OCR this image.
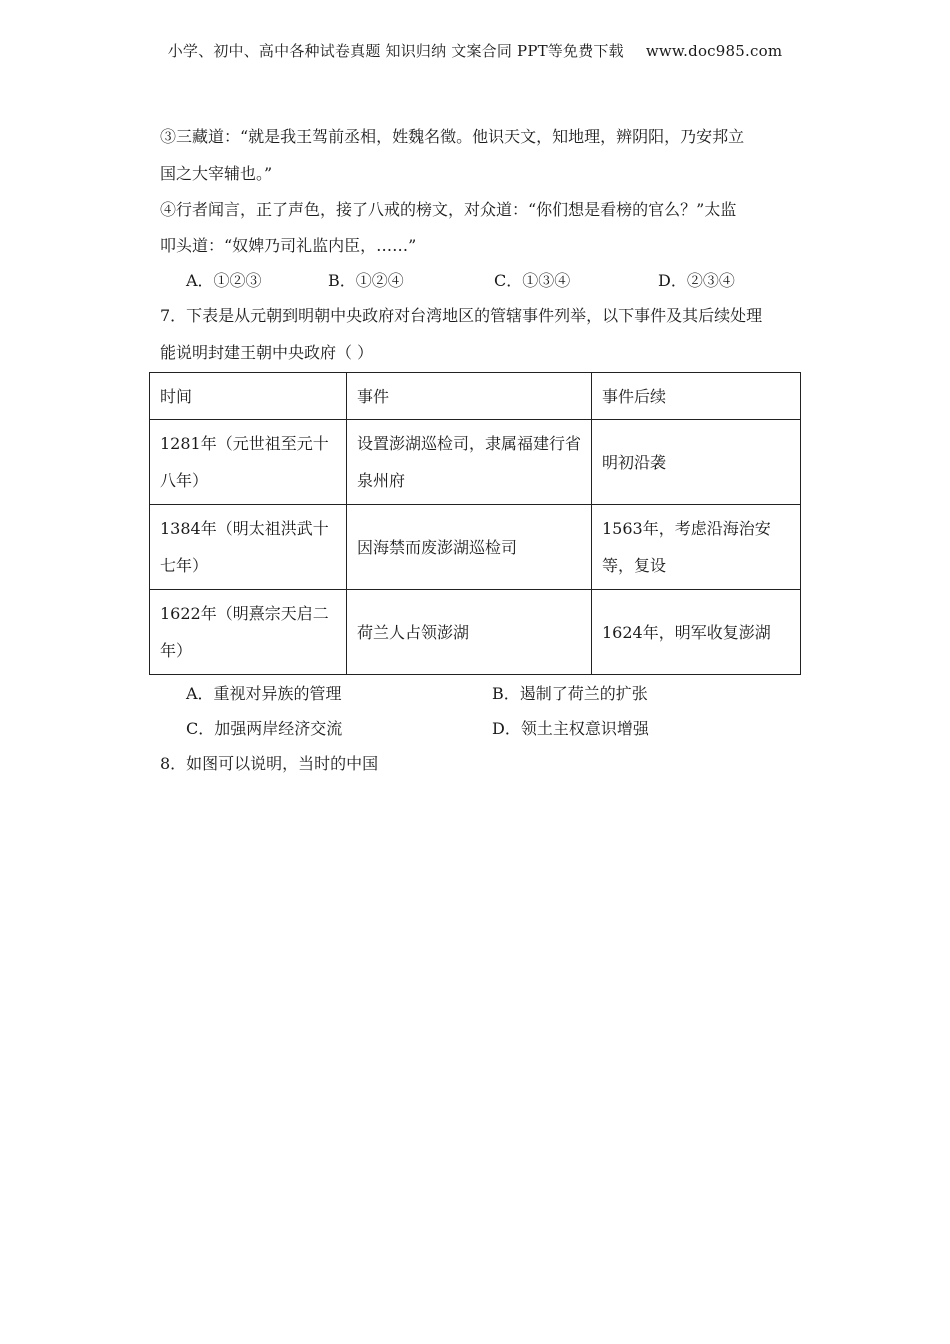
小学、初中、高中各种试卷真题 知识归纳 文案合同 PPT等免费下载 www.doc985.com
③三藏道：“就是我王驾前丞相，姓魏名徵。他识天文，知地理，辨阴阳，乃安邦立
国之大宰辅也。”
④行者闻言，正了声色，接了八戒的榜文，对众道：“你们想是看榜的官么？”太监
叩头道：“奴婢乃司礼监内臣，……”
A．①②③	B．①②④	C．①③④	D．②③④
7．下表是从元朝到明朝中央政府对台湾地区的管辖事件列举，以下事件及其后续处理
能说明封建王朝中央政府（ ）
时间	事件	事件后续
1281年（元世祖至元十八年）	设置澎湖巡检司，隶属福建行省泉州府	明初沿袭
1384年（明太祖洪武十七年）	因海禁而废澎湖巡检司	1563年，考虑沿海治安等，复设
1622年（明熹宗天启二年）	荷兰人占领澎湖	1624年，明军收复澎湖
A．重视对异族的管理	B．遏制了荷兰的扩张
C．加强两岸经济交流	D．领土主权意识增强
8．如图可以说明，当时的中国
